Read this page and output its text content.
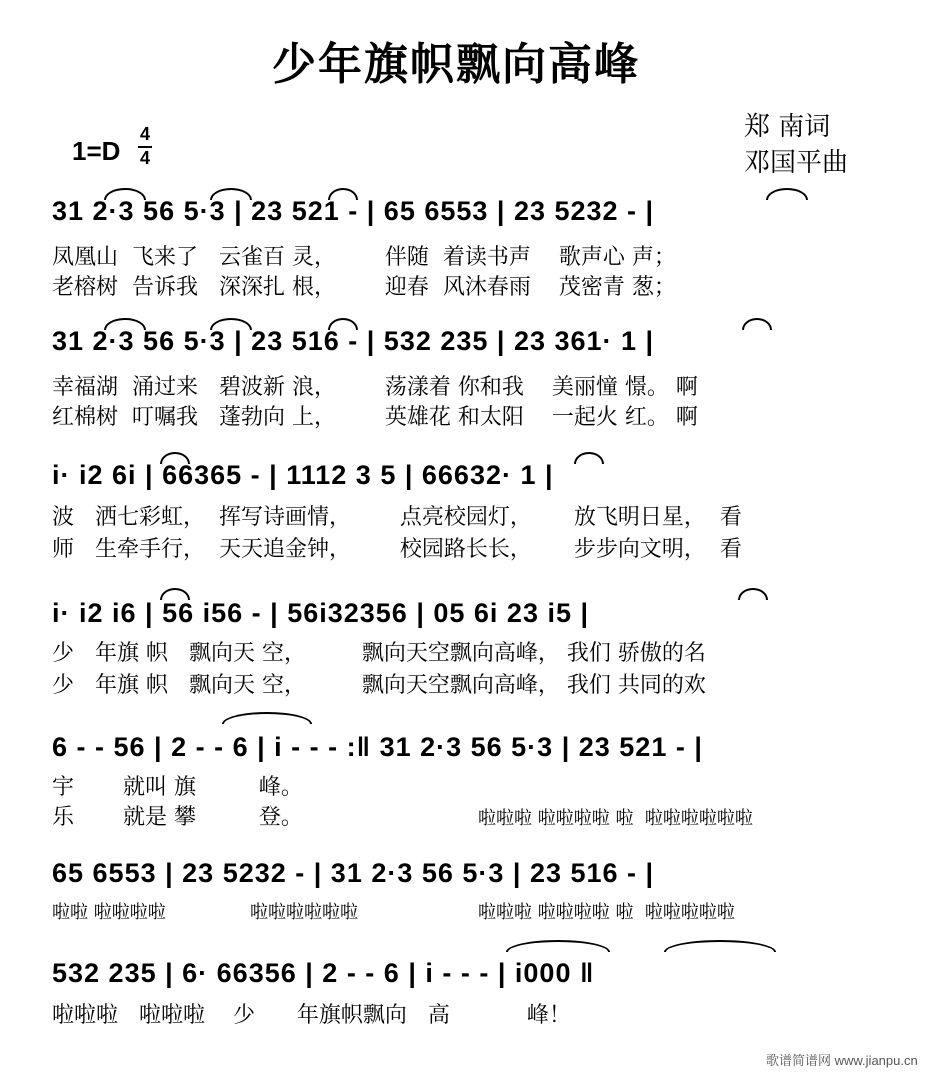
少年旗帜飘向高峰
郑 南词
邓国平曲
1=D
4
4
31 2·3 56 5·3 | 23 521 - | 65 6553 | 23 5232 - |
凤凰山  飞来了   云雀百 灵，       伴随  着读书声    歌声心 声；
老榕树  告诉我   深深扎 根，       迎春  风沐春雨    茂密青 葱；
31 2·3 56 5·3 | 23 516 - | 532 235 | 23 361· 1 |
幸福湖  涌过来   碧波新 浪，       荡漾着 你和我    美丽憧 憬。 啊
红棉树  叮嘱我   蓬勃向 上，       英雄花 和太阳    一起火 红。 啊
i· i2 6i | 66365 - | 1112 3 5 | 66632· 1 |
波   洒七彩虹，  挥写诗画情，       点亮校园灯，      放飞明日星，  看
师   生牵手行，  天天追金钟，       校园路长长，      步步向文明，  看
i· i2 i6 | 56 i56 - | 56i32356 | 05 6i 23 i5 |
少   年旗 帜   飘向天 空，        飘向天空飘向高峰， 我们 骄傲的名
少   年旗 帜   飘向天 空，        飘向天空飘向高峰， 我们 共同的欢
6 - - 56 | 2 - - 6 | i - - - :‖ 31 2·3 56 5·3 | 23 521 - |
宇       就叫 旗         峰。
乐       就是 攀         登。	啦啦啦 啦啦啦啦 啦  啦啦啦啦啦啦
65 6553 | 23 5232 - | 31 2·3 56 5·3 | 23 516 - |
啦啦 啦啦啦啦	啦啦啦啦啦啦	啦啦啦 啦啦啦啦 啦  啦啦啦啦啦
532 235 | 6· 66356 | 2 - - 6 | i - - - | i000 ‖
啦啦啦   啦啦啦    少      年旗帜飘向   高           峰！
歌谱简谱网 www.jianpu.cn
